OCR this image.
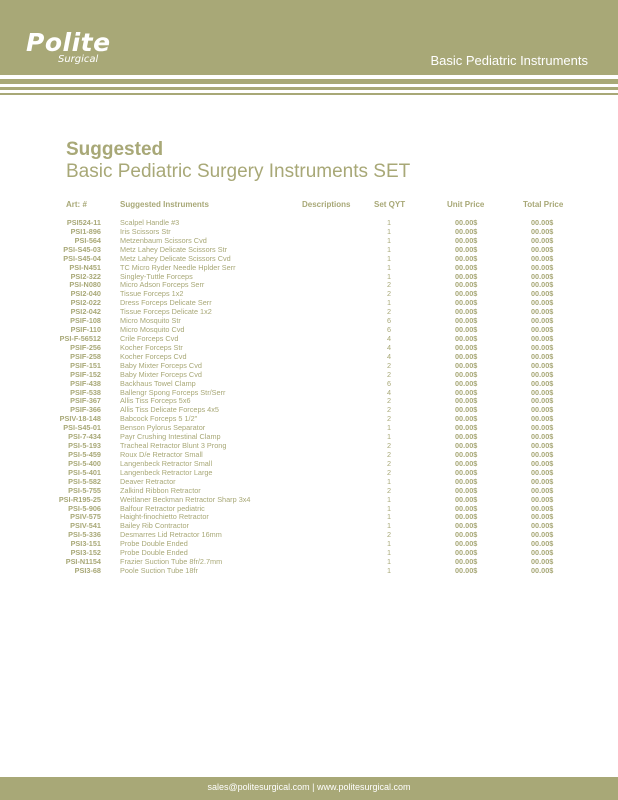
Polite
Surgical	Basic Pediatric Instruments
Suggested
Basic Pediatric Surgery Instruments SET
Art: #	Suggested Instruments	Descriptions	Set QYT	Unit Price	Total Price
PSI524-11	Scalpel Handle #3	1	00.00$	00.00$
PSI1-896	Iris Scissors Str	1	00.00$	00.00$
PSI-564	Metzenbaum Scissors Cvd	1	00.00$	00.00$
PSI-S45-03	Metz Lahey Delicate Scissors Str	1	00.00$	00.00$
PSI-S45-04	Metz Lahey Delicate Scissors Cvd	1	00.00$	00.00$
PSI-N451	TC Micro Ryder Needle Hplder Serr	1	00.00$	00.00$
PSI2-322	Singley-Tuttle Forceps	1	00.00$	00.00$
PSI-N080	Micro Adson Forceps Serr	2	00.00$	00.00$
PSI2-040	Tissue Forceps 1x2	2	00.00$	00.00$
PSI2-022	Dress Forceps Delicate Serr	1	00.00$	00.00$
PSI2-042	Tissue Forceps Delicate 1x2	2	00.00$	00.00$
PSIF-108	Micro Mosquito Str	6	00.00$	00.00$
PSIF-110	Micro Mosquito Cvd	6	00.00$	00.00$
PSI-F-56512	Crile Forceps Cvd	4	00.00$	00.00$
PSIF-256	Kocher Forceps Str	4	00.00$	00.00$
PSIF-258	Kocher Forceps Cvd	4	00.00$	00.00$
PSIF-151	Baby Mixter Forceps Cvd	2	00.00$	00.00$
PSIF-152	Baby Mixter Forceps Cvd	2	00.00$	00.00$
PSIF-438	Backhaus Towel Clamp	6	00.00$	00.00$
PSIF-538	Ballengr Spong Forceps Str/Serr	4	00.00$	00.00$
PSIF-367	Allis Tiss Forceps 5x6	2	00.00$	00.00$
PSIF-366	Allis Tiss Delicate Forceps 4x5	2	00.00$	00.00$
PSIV-18-148	Babcock Forceps 5 1/2"	2	00.00$	00.00$
PSI-S45-01	Benson Pylorus Separator	1	00.00$	00.00$
PSI-7-434	Payr Crushing Intestinal Clamp	1	00.00$	00.00$
PSI-5-193	Tracheal Retractor Blunt 3 Prong	2	00.00$	00.00$
PSI-5-459	Roux D/e Retractor Small	2	00.00$	00.00$
PSI-5-400	Langenbeck Retractor Small	2	00.00$	00.00$
PSI-5-401	Langenbeck Retractor Large	2	00.00$	00.00$
PSI-5-582	Deaver Retractor	1	00.00$	00.00$
PSI-5-755	Zalkind Ribbon Retractor	2	00.00$	00.00$
PSI-R195-25	Weitlaner Beckman Retractor Sharp 3x4	1	00.00$	00.00$
PSI-5-906	Balfour Retractor pediatric	1	00.00$	00.00$
PSIV-575	Haight-finochietto Retractor	1	00.00$	00.00$
PSIV-541	Bailey Rib Contractor	1	00.00$	00.00$
PSI-5-336	Desmarres Lid Retractor 16mm	2	00.00$	00.00$
PSI3-151	Probe Double Ended	1	00.00$	00.00$
PSI3-152	Probe Double Ended	1	00.00$	00.00$
PSI-N1154	Frazier Suction Tube 8fr/2.7mm	1	00.00$	00.00$
PSI3-68	Poole Suction Tube 18fr	1	00.00$	00.00$
sales@politesurgical.com | www.politesurgical.com
